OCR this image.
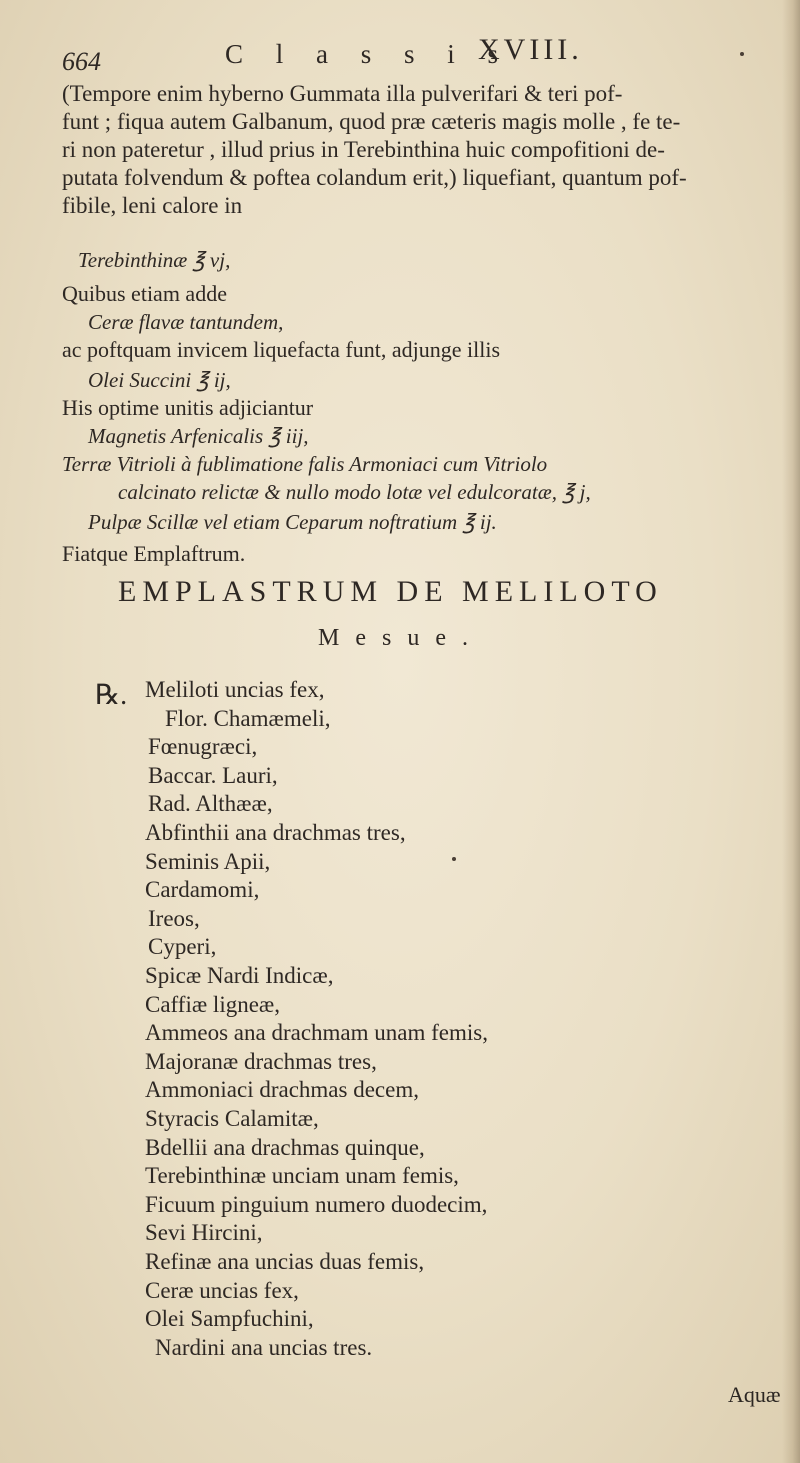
664	C l a s s i s
XVIII.
(Tempore enim hyberno Gummata illa pulverifari & teri pof-
funt ; fiqua autem Galbanum, quod præ cæteris magis molle , fe te-
ri non pateretur , illud prius in Terebinthina huic compofitioni de-
putata folvendum & poftea colandum erit,) liquefiant, quantum pof-
fibile, leni calore in
Terebinthinæ ℥ vj,
Quibus etiam adde
Ceræ flavæ tantundem,
ac poftquam invicem liquefacta funt, adjunge illis
Olei Succini ℥ ij,
His optime unitis adjiciantur
Magnetis Arfenicalis ℥ iij,
Terræ Vitrioli à fublimatione falis Armoniaci cum Vitriolo
calcinato relictæ & nullo modo lotæ vel edulcoratæ, ℥ j,
Pulpæ Scillæ vel etiam Ceparum noftratium ℥ ij.
Fiatque Emplaftrum.
EMPLASTRUM DE MELILOTO
Mesue.
℞. Meliloti uncias fex,
Flor. Chamæmeli,
Fœnugræci,
Baccar. Lauri,
Rad. Althææ,
Abfinthii ana drachmas tres,
Seminis Apii,
Cardamomi,
Ireos,
Cyperi,
Spicæ Nardi Indicæ,
Caffiæ ligneæ,
Ammeos ana drachmam unam femis,
Majoranæ drachmas tres,
Ammoniaci drachmas decem,
Styracis Calamitæ,
Bdellii ana drachmas quinque,
Terebinthinæ unciam unam femis,
Ficuum pinguium numero duodecim,
Sevi Hircini,
Refinæ ana uncias duas femis,
Ceræ uncias fex,
Olei Sampfuchini,
Nardini ana uncias tres.
Aquæ
